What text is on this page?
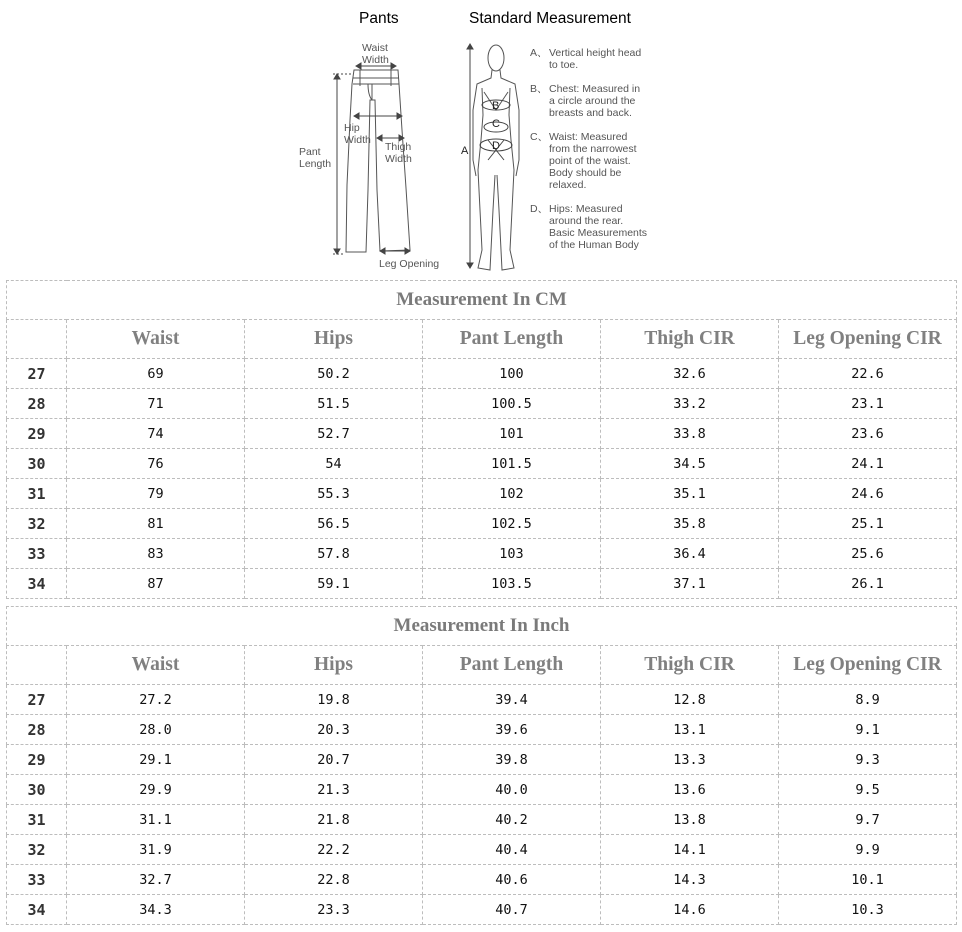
Pants	Standard Measurement
Waist
Width
Hip
Width
Pant
Length
Thigh
Width
Leg Opening
B
C
D
A
A、 Vertical height head
to toe.
B、 Chest: Measured in
a circle around the
breasts and back.
C、 Waist: Measured
from the narrowest
point of the waist.
Body should be
relaxed.
D、 Hips: Measured
around the rear.
Basic Measurements
of the Human Body
Measurement In CM					
	Waist	Hips	Pant Length	Thigh CIR	Leg Opening CIR
27	69	50.2	100	32.6	22.6
28	71	51.5	100.5	33.2	23.1
29	74	52.7	101	33.8	23.6
30	76	54	101.5	34.5	24.1
31	79	55.3	102	35.1	24.6
32	81	56.5	102.5	35.8	25.1
33	83	57.8	103	36.4	25.6
34	87	59.1	103.5	37.1	26.1
Measurement In Inch					
	Waist	Hips	Pant Length	Thigh CIR	Leg Opening CIR
27	27.2	19.8	39.4	12.8	8.9
28	28.0	20.3	39.6	13.1	9.1
29	29.1	20.7	39.8	13.3	9.3
30	29.9	21.3	40.0	13.6	9.5
31	31.1	21.8	40.2	13.8	9.7
32	31.9	22.2	40.4	14.1	9.9
33	32.7	22.8	40.6	14.3	10.1
34	34.3	23.3	40.7	14.6	10.3
